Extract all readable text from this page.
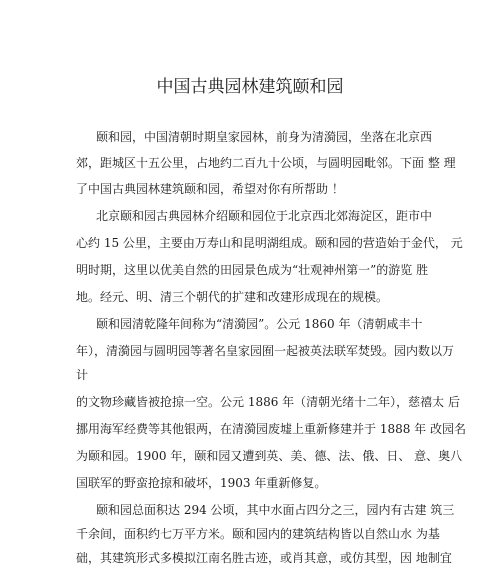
中国古典园林建筑颐和园
颐和园，中国清朝时期皇家园林，前身为清漪园，坐落在北京西
郊，距城区十五公里，占地约二百九十公顷，与圆明园毗邻。下面 整 理
了中国古典园林建筑颐和园，希望对你有所帮助 ！
北京颐和园古典园林介绍颐和园位于北京西北郊海淀区，距市中
心约 15 公里，主要由万寿山和昆明湖组成。颐和园的营造始于金代， 元
明时期，这里以优美自然的田园景色成为“壮观神州第一”的游览 胜
地。经元、明、清三个朝代的扩建和改建形成现在的规模。
颐和园清乾隆年间称为“清漪园”。公元 1860 年（清朝咸丰十
年），清漪园与圆明园等著名皇家园囿一起被英法联军焚毁。园内数以万
计
的文物珍藏皆被抢掠一空。公元 1886 年（清朝光绪十二年），慈禧太 后
挪用海军经费等其他银两，在清漪园废墟上重新修建并于 1888 年 改园名
为颐和园。1900 年，颐和园又遭到英、美、德、法、俄、日、 意、奥八
国联军的野蛮抢掠和破坏，1903 年重新修复。
颐和园总面积达 294 公顷，其中水面占四分之三，园内有古建 筑三
千余间，面积约七万平方米。颐和园内的建筑结构皆以自然山水 为基
础，其建筑形式多模拟江南名胜古迹，或肖其意，或仿其型，因 地制宜
